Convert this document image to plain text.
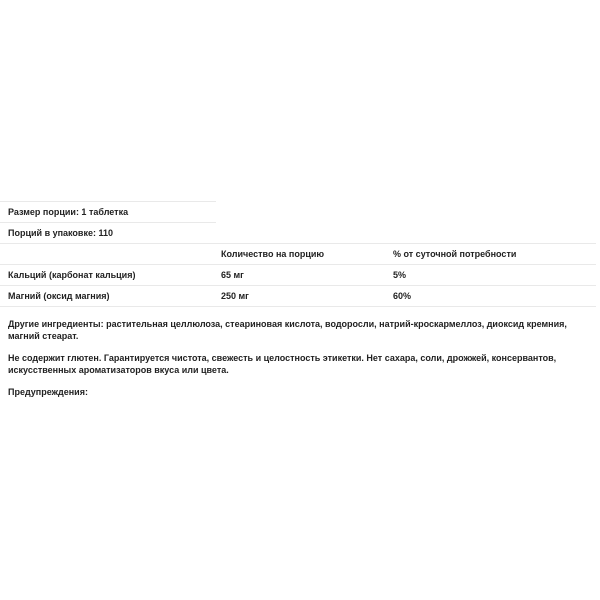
Размер порции: 1 таблетка
Порций в упаковке: 110
	Количество на порцию	% от суточной потребности
Кальций (карбонат кальция)	65 мг	5%
Магний (оксид магния)	250 мг	60%

Другие ингредиенты: растительная целлюлоза, стеариновая кислота, водоросли, натрий-кроскармеллоз, диоксид кремния, магний стеарат.

Не содержит глютен. Гарантируется чистота, свежесть и целостность этикетки. Нет сахара, соли, дрожжей, консервантов, искусственных ароматизаторов вкуса или цвета.

Предупреждения:
